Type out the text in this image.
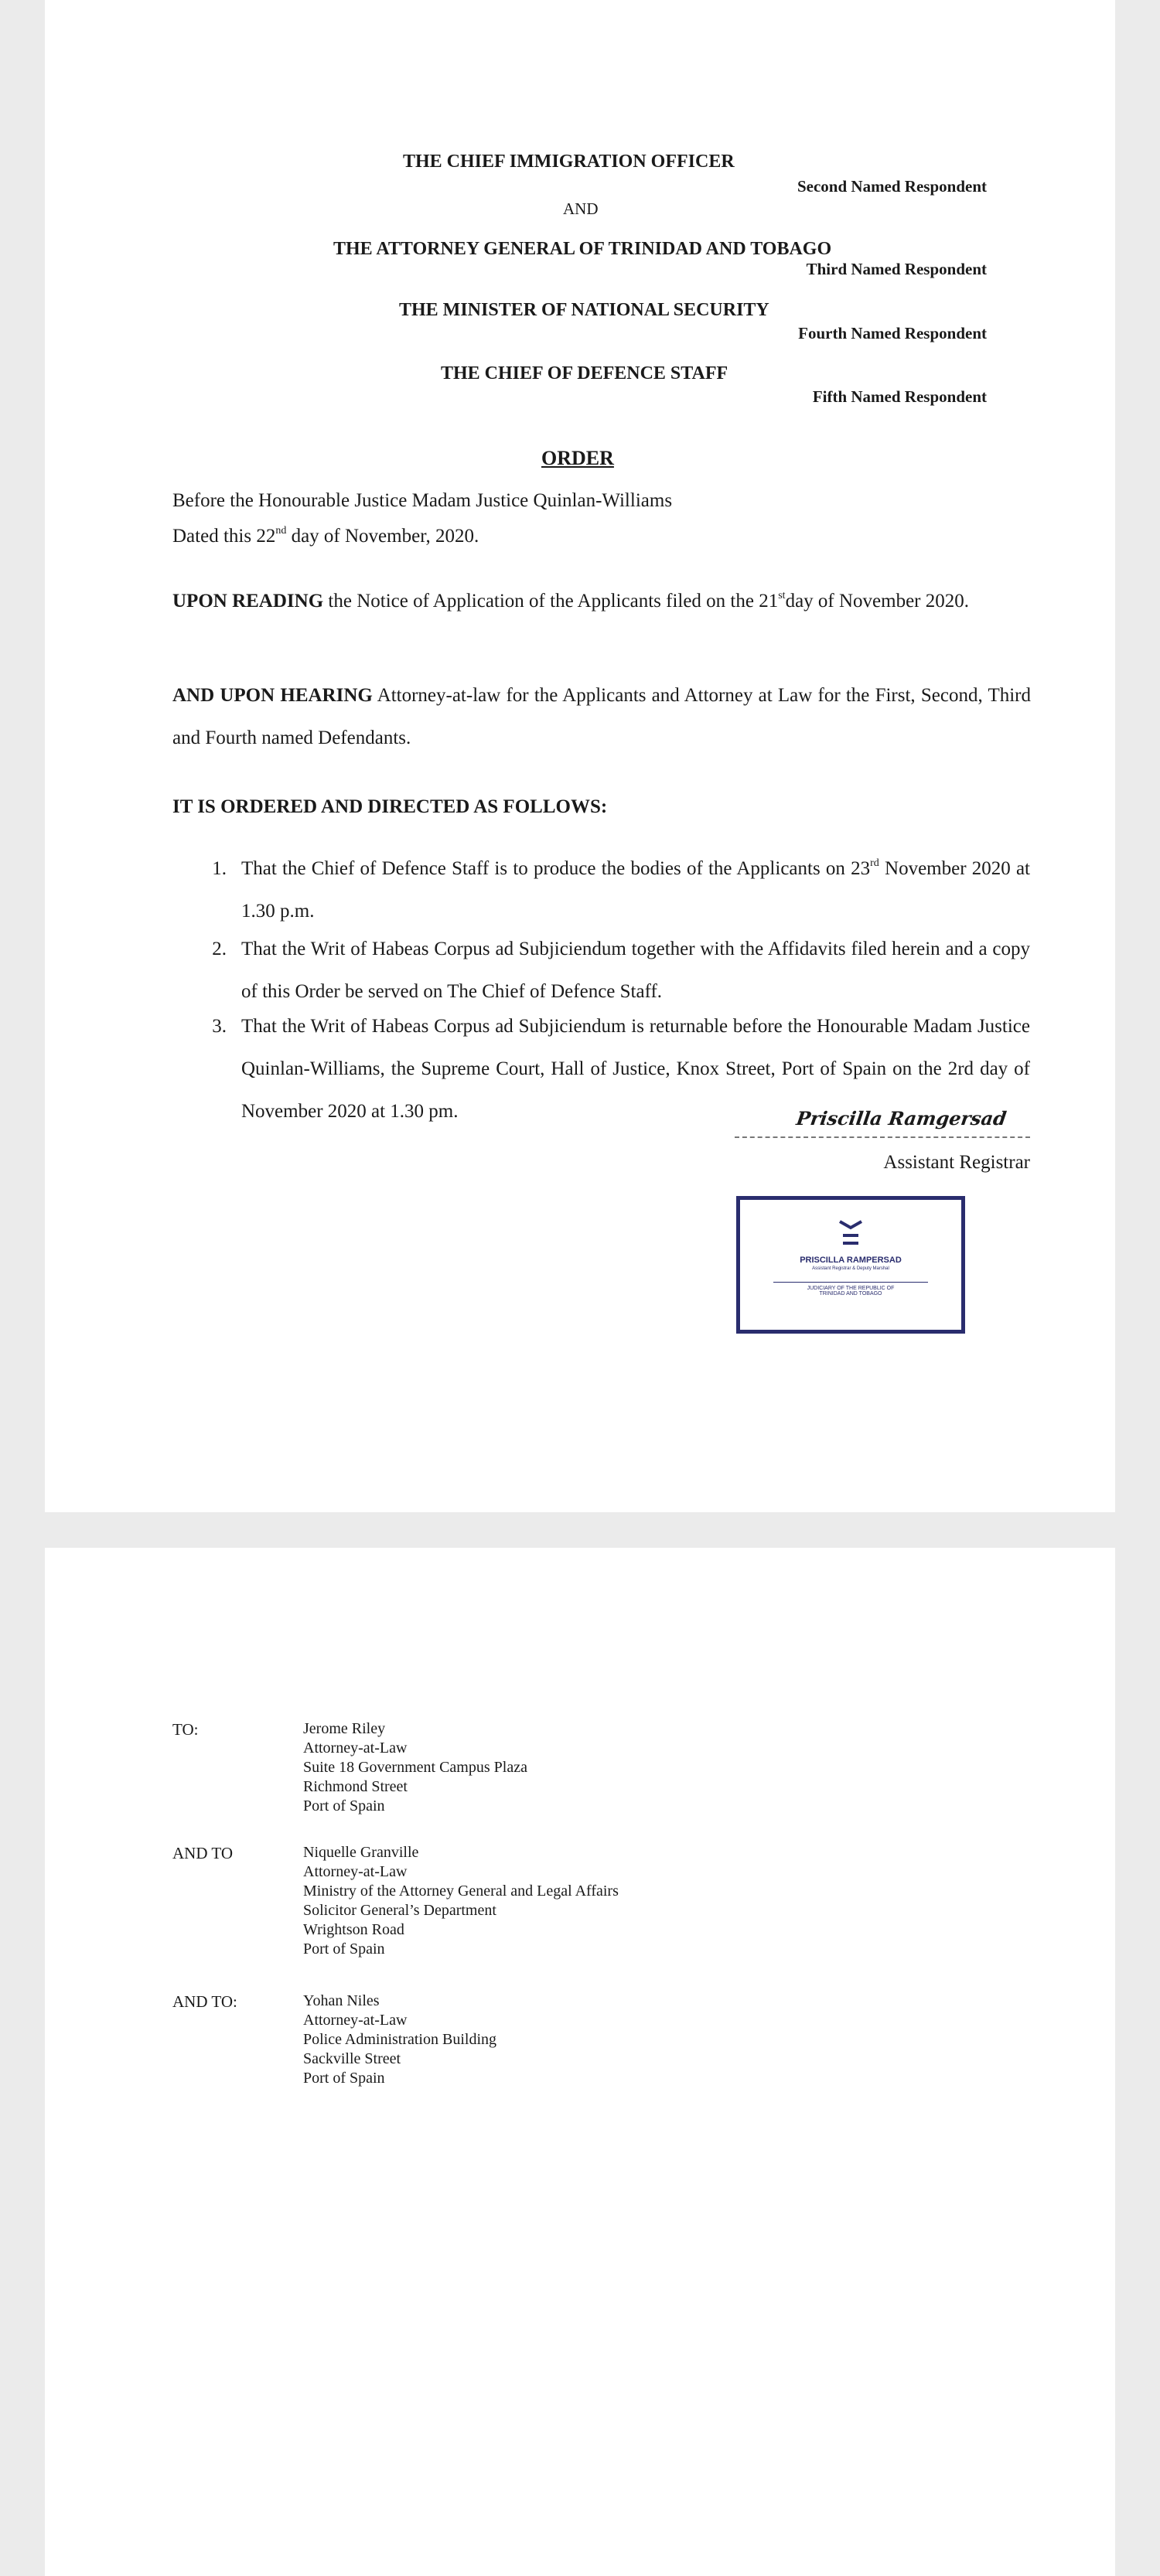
THE CHIEF IMMIGRATION OFFICER
Second Named Respondent
AND
THE ATTORNEY GENERAL OF TRINIDAD AND TOBAGO
Third Named Respondent
THE MINISTER OF NATIONAL SECURITY
Fourth Named Respondent
THE CHIEF OF DEFENCE STAFF
Fifth Named Respondent
ORDER
Before the Honourable Justice Madam Justice Quinlan-Williams
Dated this 22nd day of November, 2020.
UPON READING the Notice of Application of the Applicants filed on the 21stday of November 2020.
AND UPON HEARING Attorney-at-law for the Applicants and Attorney at Law for the First, Second, Third and Fourth named Defendants.
IT IS ORDERED AND DIRECTED AS FOLLOWS:
1. That the Chief of Defence Staff is to produce the bodies of the Applicants on 23rd November 2020 at 1.30 p.m.
2. That the Writ of Habeas Corpus ad Subjiciendum together with the Affidavits filed herein and a copy of this Order be served on The Chief of Defence Staff.
3. That the Writ of Habeas Corpus ad Subjiciendum is returnable before the Honourable Madam Justice Quinlan-Williams, the Supreme Court, Hall of Justice, Knox Street, Port of Spain on the 2rd day of November 2020 at 1.30 pm.	Priscilla Ramgersad
Assistant Registrar
PRISCILLA RAMPERSAD
Assistant Registrar & Deputy Marshal
JUDICIARY OF THE REPUBLIC OF
TRINIDAD AND TOBAGO
TO:	Jerome Riley
Attorney-at-Law
Suite 18 Government Campus Plaza
Richmond Street
Port of Spain
AND TO	Niquelle Granville
Attorney-at-Law
Ministry of the Attorney General and Legal Affairs
Solicitor General’s Department
Wrightson Road
Port of Spain
AND TO:	Yohan Niles
Attorney-at-Law
Police Administration Building
Sackville Street
Port of Spain
